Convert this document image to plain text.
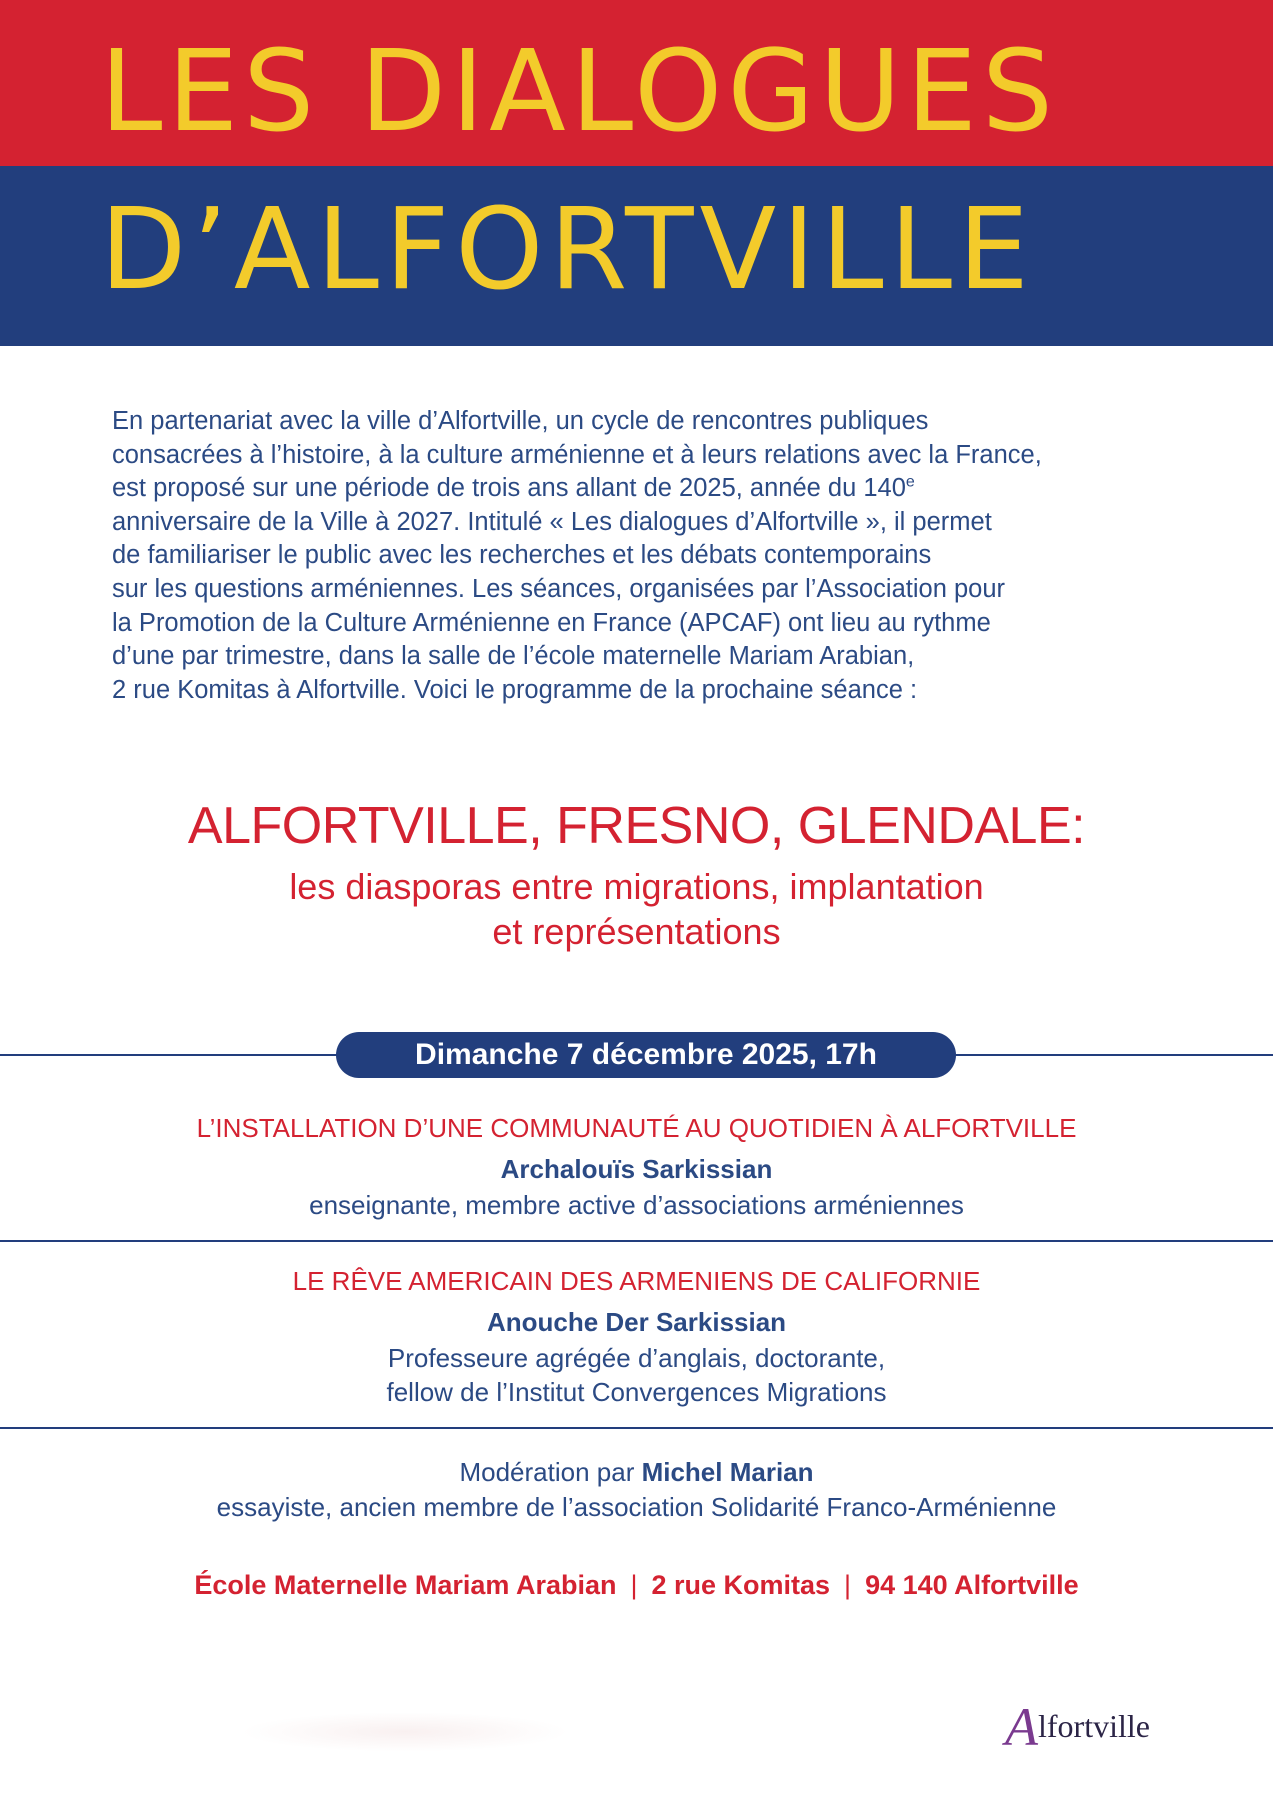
LES DIALOGUES
D’ALFORTVILLE
En partenariat avec la ville d’Alfortville, un cycle de rencontres publiques
consacrées à l’histoire, à la culture arménienne et à leurs relations avec la France,
est proposé sur une période de trois ans allant de 2025, année du 140e
anniversaire de la Ville à 2027. Intitulé « Les dialogues d’Alfortville », il permet
de familiariser le public avec les recherches et les débats contemporains
sur les questions arméniennes. Les séances, organisées par l’Association pour
la Promotion de la Culture Arménienne en France (APCAF) ont lieu au rythme
d’une par trimestre, dans la salle de l’école maternelle Mariam Arabian,
2 rue Komitas à Alfortville. Voici le programme de la prochaine séance :
ALFORTVILLE, FRESNO, GLENDALE:
les diasporas entre migrations, implantation
et représentations
Dimanche 7 décembre 2025, 17h
L’INSTALLATION D’UNE COMMUNAUTÉ AU QUOTIDIEN À ALFORTVILLE
Archalouïs Sarkissian
enseignante, membre active d’associations arméniennes
LE RÊVE AMERICAIN DES ARMENIENS DE CALIFORNIE
Anouche Der Sarkissian
Professeure agrégée d’anglais, doctorante,
fellow de l’Institut Convergences Migrations
Modération par Michel Marian
essayiste, ancien membre de l’association Solidarité Franco-Arménienne
École Maternelle Mariam Arabian | 2 rue Komitas | 94 140 Alfortville
Alfortville
